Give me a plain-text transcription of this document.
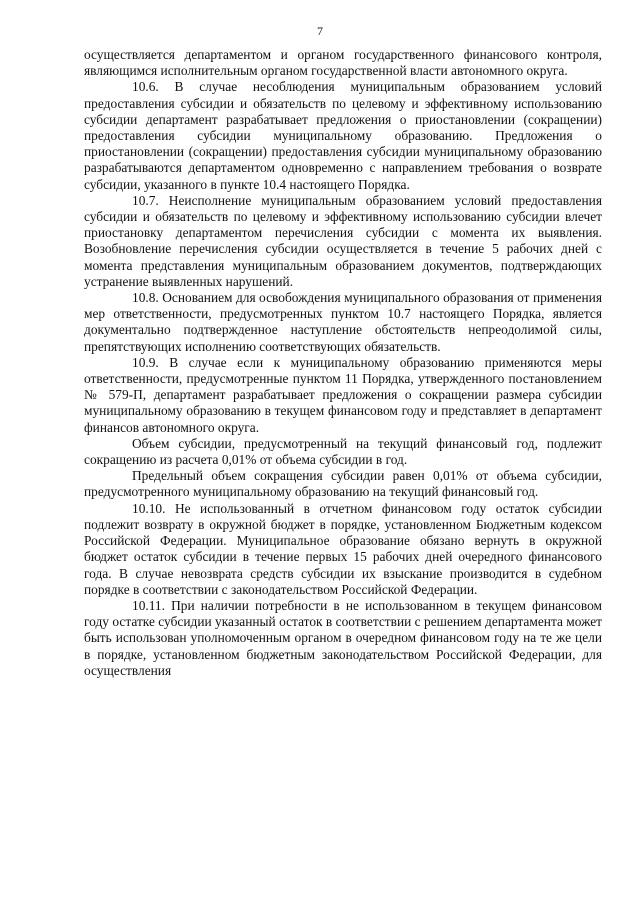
7

осуществляется департаментом и органом государственного финансового контроля, являющимся исполнительным органом государственной власти автономного округа.

10.6. В случае несоблюдения муниципальным образованием условий предоставления субсидии и обязательств по целевому и эффективному использованию субсидии департамент разрабатывает предложения о приостановлении (сокращении) предоставления субсидии муниципальному образованию. Предложения о приостановлении (сокращении) предоставления субсидии муниципальному образованию разрабатываются департаментом одновременно с направлением требования о возврате субсидии, указанного в пункте 10.4 настоящего Порядка.

10.7. Неисполнение муниципальным образованием условий предоставления субсидии и обязательств по целевому и эффективному использованию субсидии влечет приостановку департаментом перечисления субсидии с момента их выявления. Возобновление перечисления субсидии осуществляется в течение 5 рабочих дней с момента представления муниципальным образованием документов, подтверждающих устранение выявленных нарушений.

10.8. Основанием для освобождения муниципального образования от применения мер ответственности, предусмотренных пунктом 10.7 настоящего Порядка, является документально подтвержденное наступление обстоятельств непреодолимой силы, препятствующих исполнению соответствующих обязательств.

10.9. В случае если к муниципальному образованию применяются меры ответственности, предусмотренные пунктом 11 Порядка, утвержденного постановлением № 579-П, департамент разрабатывает предложения о сокращении размера субсидии муниципальному образованию в текущем финансовом году и представляет в департамент финансов автономного округа.

Объем субсидии, предусмотренный на текущий финансовый год, подлежит сокращению из расчета 0,01% от объема субсидии в год.

Предельный объем сокращения субсидии равен 0,01% от объема субсидии, предусмотренного муниципальному образованию на текущий финансовый год.

10.10. Не использованный в отчетном финансовом году остаток субсидии подлежит возврату в окружной бюджет в порядке, установленном Бюджетным кодексом Российской Федерации. Муниципальное образование обязано вернуть в окружной бюджет остаток субсидии в течение первых 15 рабочих дней очередного финансового года. В случае невозврата средств субсидии их взыскание производится в судебном порядке в соответствии с законодательством Российской Федерации.

10.11. При наличии потребности в не использованном в текущем финансовом году остатке субсидии указанный остаток в соответствии с решением департамента может быть использован уполномоченным органом в очередном финансовом году на те же цели в порядке, установленном бюджетным законодательством Российской Федерации, для осуществления
